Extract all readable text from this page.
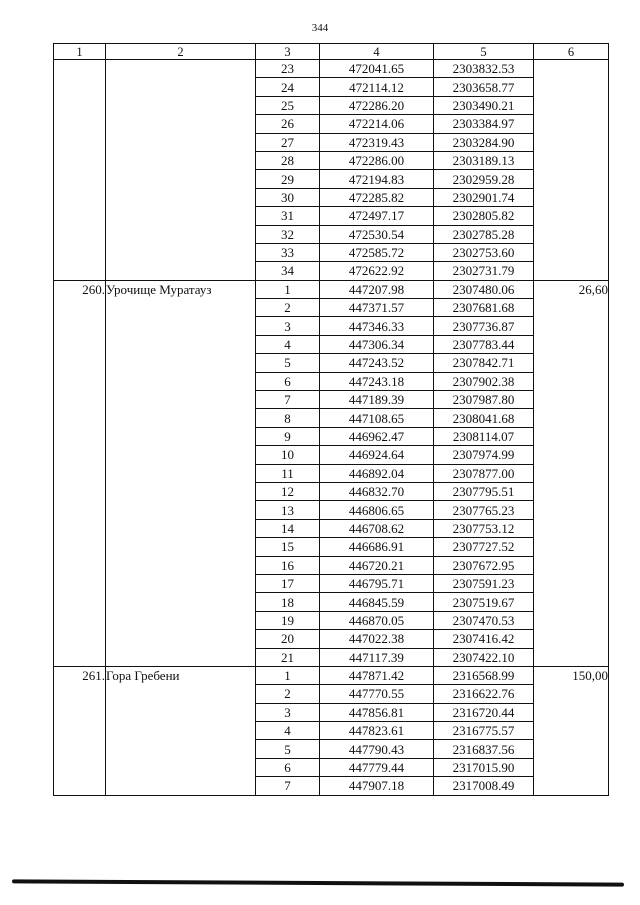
344
1	2	3	4	5	6
		23	472041.65	2303832.53	
		24	472114.12	2303658.77	
		25	472286.20	2303490.21	
		26	472214.06	2303384.97	
		27	472319.43	2303284.90	
		28	472286.00	2303189.13	
		29	472194.83	2302959.28	
		30	472285.82	2302901.74	
		31	472497.17	2302805.82	
		32	472530.54	2302785.28	
		33	472585.72	2302753.60	
		34	472622.92	2302731.79	
260.	Урочище Муратауз	1	447207.98	2307480.06	26,60
		2	447371.57	2307681.68	
		3	447346.33	2307736.87	
		4	447306.34	2307783.44	
		5	447243.52	2307842.71	
		6	447243.18	2307902.38	
		7	447189.39	2307987.80	
		8	447108.65	2308041.68	
		9	446962.47	2308114.07	
		10	446924.64	2307974.99	
		11	446892.04	2307877.00	
		12	446832.70	2307795.51	
		13	446806.65	2307765.23	
		14	446708.62	2307753.12	
		15	446686.91	2307727.52	
		16	446720.21	2307672.95	
		17	446795.71	2307591.23	
		18	446845.59	2307519.67	
		19	446870.05	2307470.53	
		20	447022.38	2307416.42	
		21	447117.39	2307422.10	
261.	Гора Гребени	1	447871.42	2316568.99	150,00
		2	447770.55	2316622.76	
		3	447856.81	2316720.44	
		4	447823.61	2316775.57	
		5	447790.43	2316837.56	
		6	447779.44	2317015.90	
		7	447907.18	2317008.49	
